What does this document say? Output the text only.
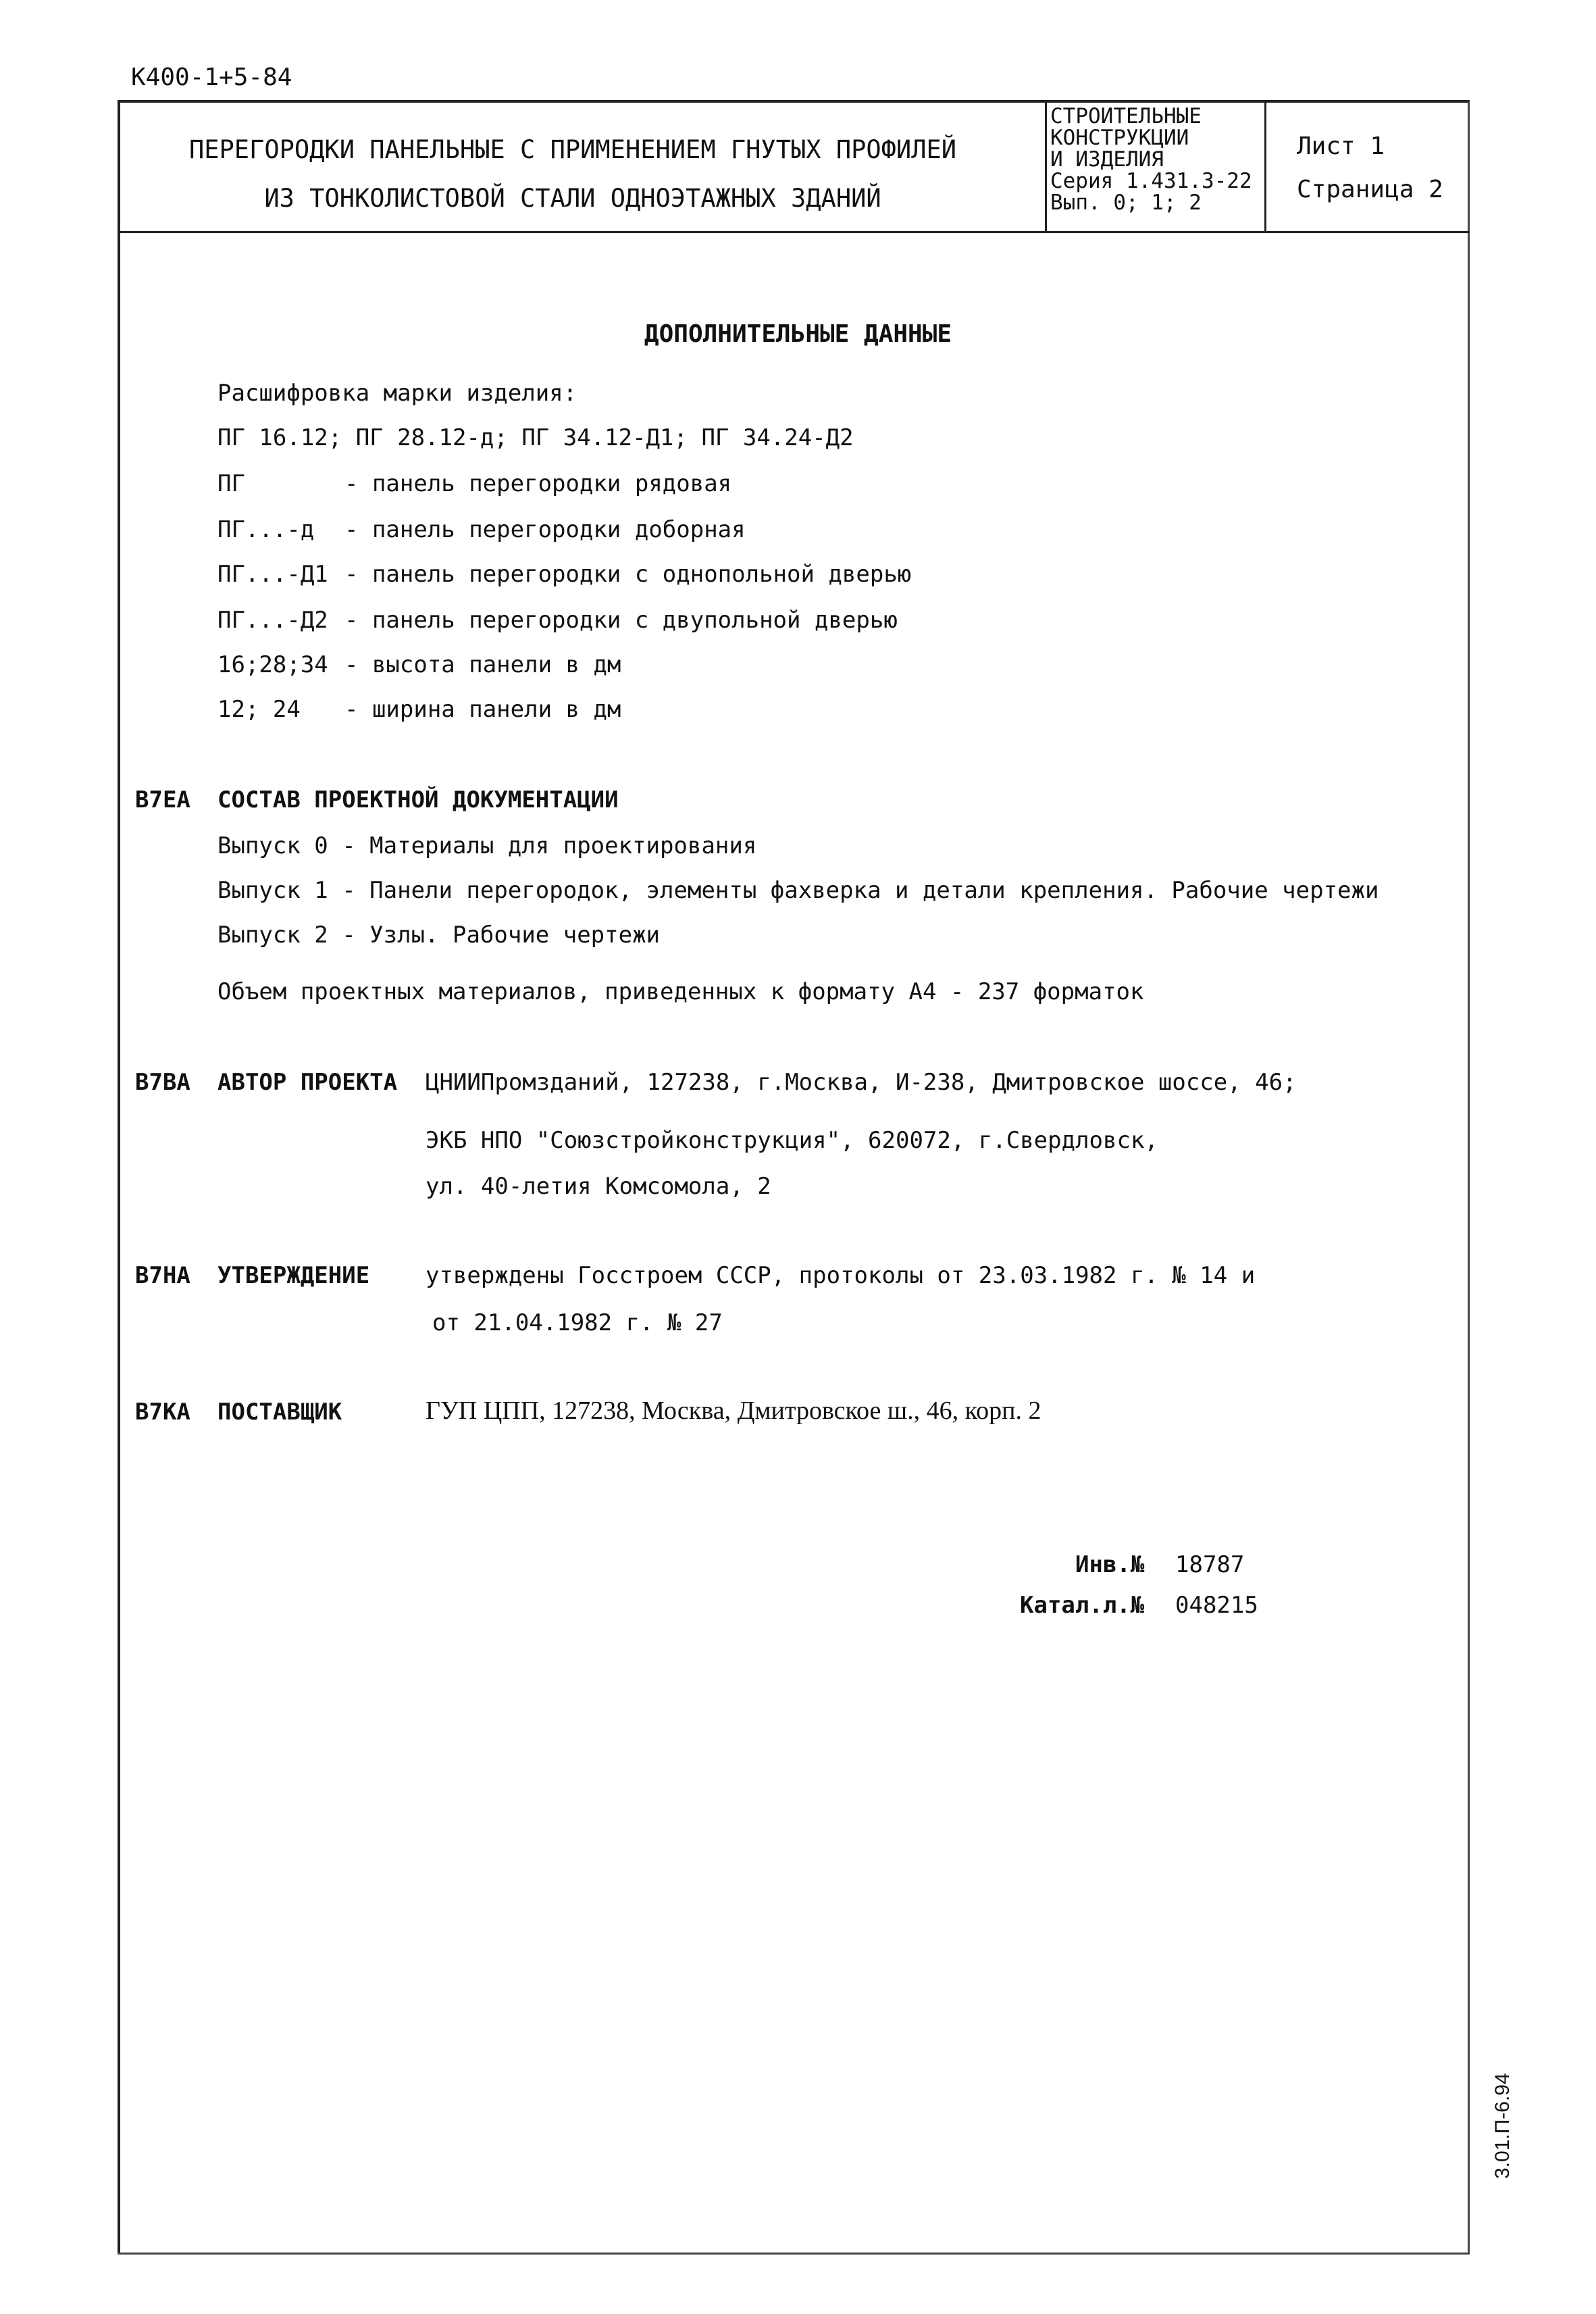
К400-1+5-84
ПЕРЕГОРОДКИ ПАНЕЛЬНЫЕ С ПРИМЕНЕНИЕМ ГНУТЫХ ПРОФИЛЕЙ
ИЗ ТОНКОЛИСТОВОЙ СТАЛИ ОДНОЭТАЖНЫХ ЗДАНИЙ
СТРОИТЕЛЬНЫЕ
КОНСТРУКЦИИ
И ИЗДЕЛИЯ
Серия 1.431.3-22
Вып. 0; 1; 2
Лист 1
Страница 2
ДОПОЛНИТЕЛЬНЫЕ ДАННЫЕ
Расшифровка марки изделия:
ПГ 16.12; ПГ 28.12-д; ПГ 34.12-Д1; ПГ 34.24-Д2
ПГ	- панель перегородки рядовая
ПГ...-д - панель перегородки доборная
ПГ...-Д1 - панель перегородки с однопольной дверью
ПГ...-Д2 - панель перегородки с двупольной дверью
16;28;34 - высота панели в дм
12; 24 - ширина панели в дм
В7ЕА СОСТАВ ПРОЕКТНОЙ ДОКУМЕНТАЦИИ
Выпуск 0 - Материалы для проектирования
Выпуск 1 - Панели перегородок, элементы фахверка и детали крепления. Рабочие чертежи
Выпуск 2 - Узлы. Рабочие чертежи
Объем проектных материалов, приведенных к формату А4 - 237 форматок
В7ВА АВТОР ПРОЕКТА ЦНИИПромзданий, 127238, г.Москва, И-238, Дмитровское шоссе, 46;
ЭКБ НПО "Союзстройконструкция", 620072, г.Свердловск,
ул. 40-летия Комсомола, 2
В7НА УТВЕРЖДЕНИЕ утверждены Госстроем СССР, протоколы от 23.03.1982 г. № 14 и
от 21.04.1982 г. № 27
В7КА ПОСТАВЩИК	ГУП ЦПП, 127238, Москва, Дмитровское ш., 46, корп. 2
Инв.№ 18787
Катал.л.№ 048215
3.01.П-6.94
